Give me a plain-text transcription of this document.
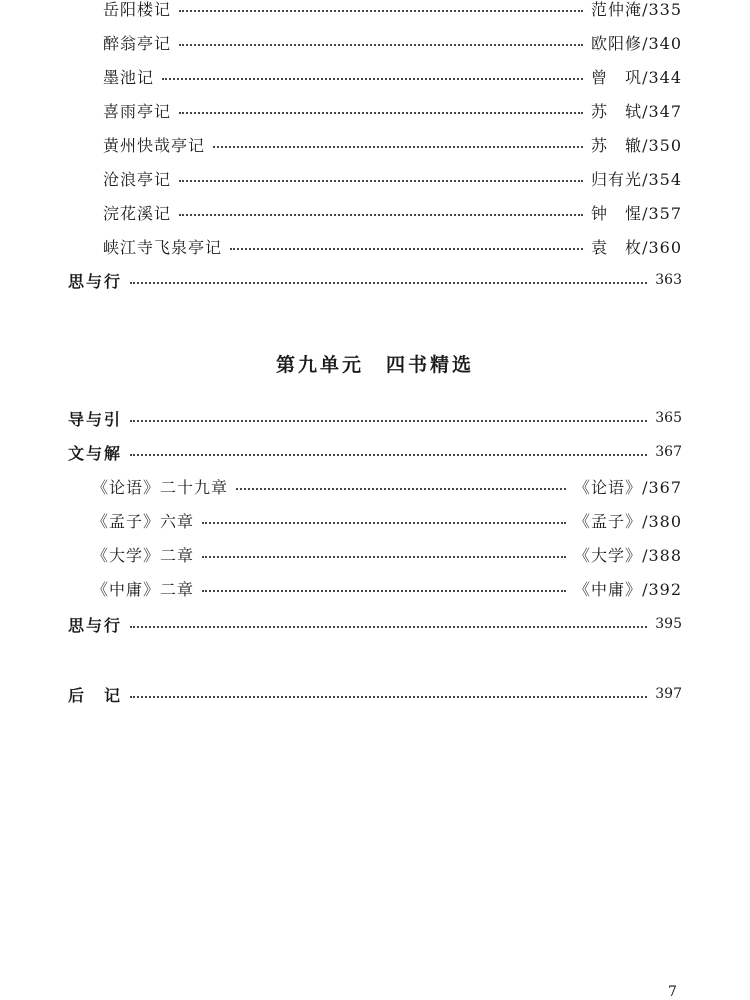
岳阳楼记	范仲淹/335
醉翁亭记	欧阳修/340
墨池记	曾　巩/344
喜雨亭记	苏　轼/347
黄州快哉亭记	苏　辙/350
沧浪亭记	归有光/354
浣花溪记	钟　惺/357
峡江寺飞泉亭记	袁　枚/360
思与行	363
第九单元 四书精选
导与引	365
文与解	367
《论语》二十九章	《论语》/367
《孟子》六章	《孟子》/380
《大学》二章	《大学》/388
《中庸》二章	《中庸》/392
思与行	395
后　记	397
7
